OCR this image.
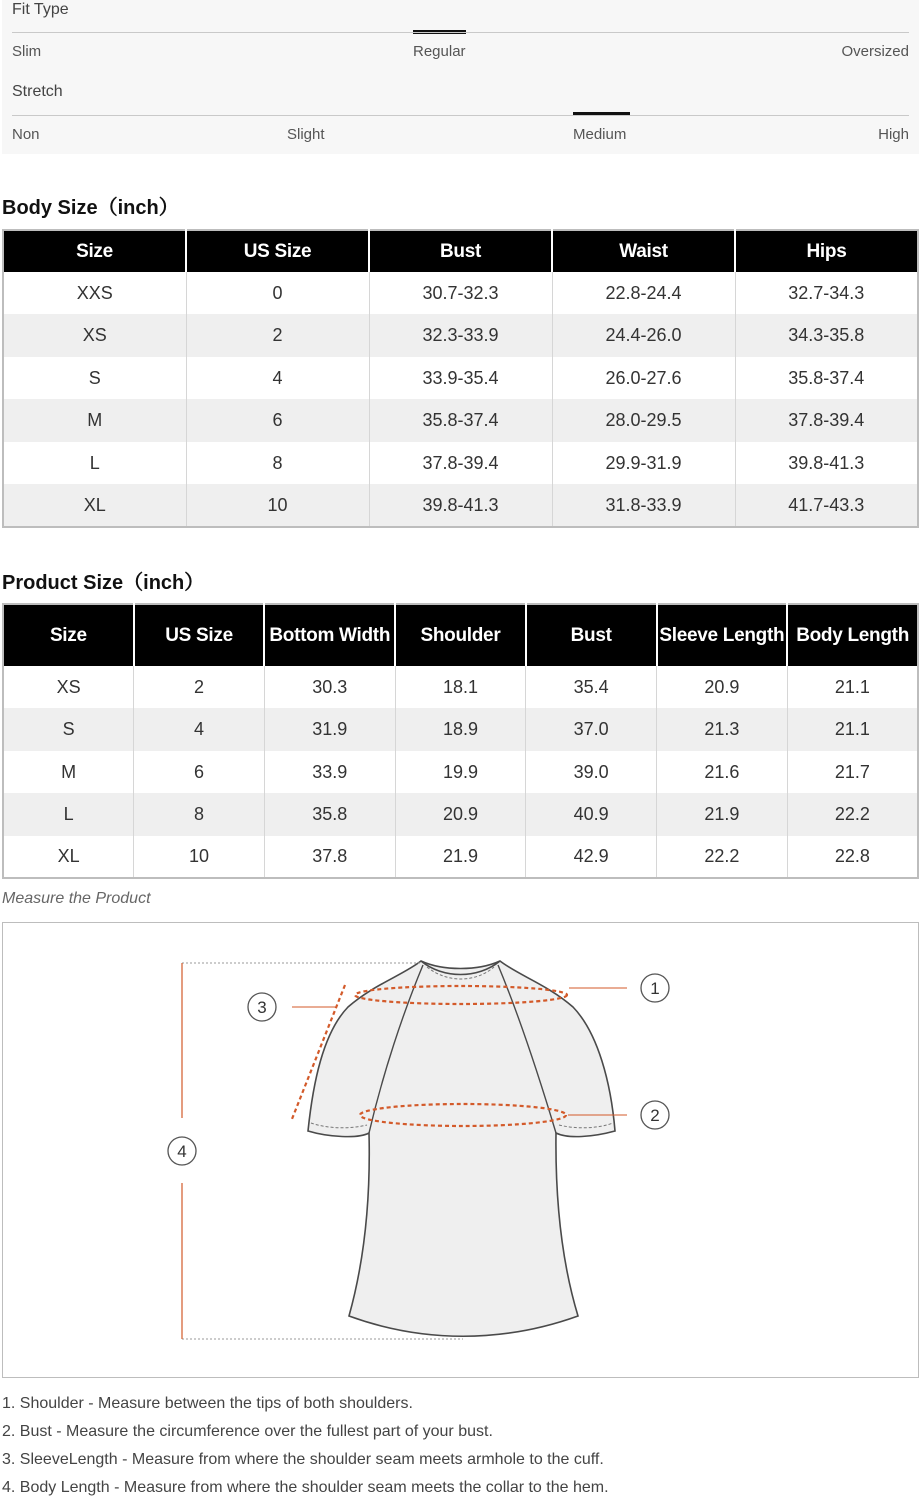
Fit Type
Slim	Regular	Oversized
Stretch
Non	Slight	Medium	High
Body Size（inch）
Size	US Size	Bust	Waist	Hips
XXS	0	30.7-32.3	22.8-24.4	32.7-34.3
XS	2	32.3-33.9	24.4-26.0	34.3-35.8
S	4	33.9-35.4	26.0-27.6	35.8-37.4
M	6	35.8-37.4	28.0-29.5	37.8-39.4
L	8	37.8-39.4	29.9-31.9	39.8-41.3
XL	10	39.8-41.3	31.8-33.9	41.7-43.3
Product Size（inch）
Size	US Size	Bottom Width	Shoulder	Bust	Sleeve Length	Body Length
XS	2	30.3	18.1	35.4	20.9	21.1
S	4	31.9	18.9	37.0	21.3	21.1
M	6	33.9	19.9	39.0	21.6	21.7
L	8	35.8	20.9	40.9	21.9	22.2
XL	10	37.8	21.9	42.9	22.2	22.8
Measure the Product
1
2
3
4
1. Shoulder - Measure between the tips of both shoulders.
2. Bust - Measure the circumference over the fullest part of your bust.
3. SleeveLength - Measure from where the shoulder seam meets armhole to the cuff.
4. Body Length - Measure from where the shoulder seam meets the collar to the hem.
